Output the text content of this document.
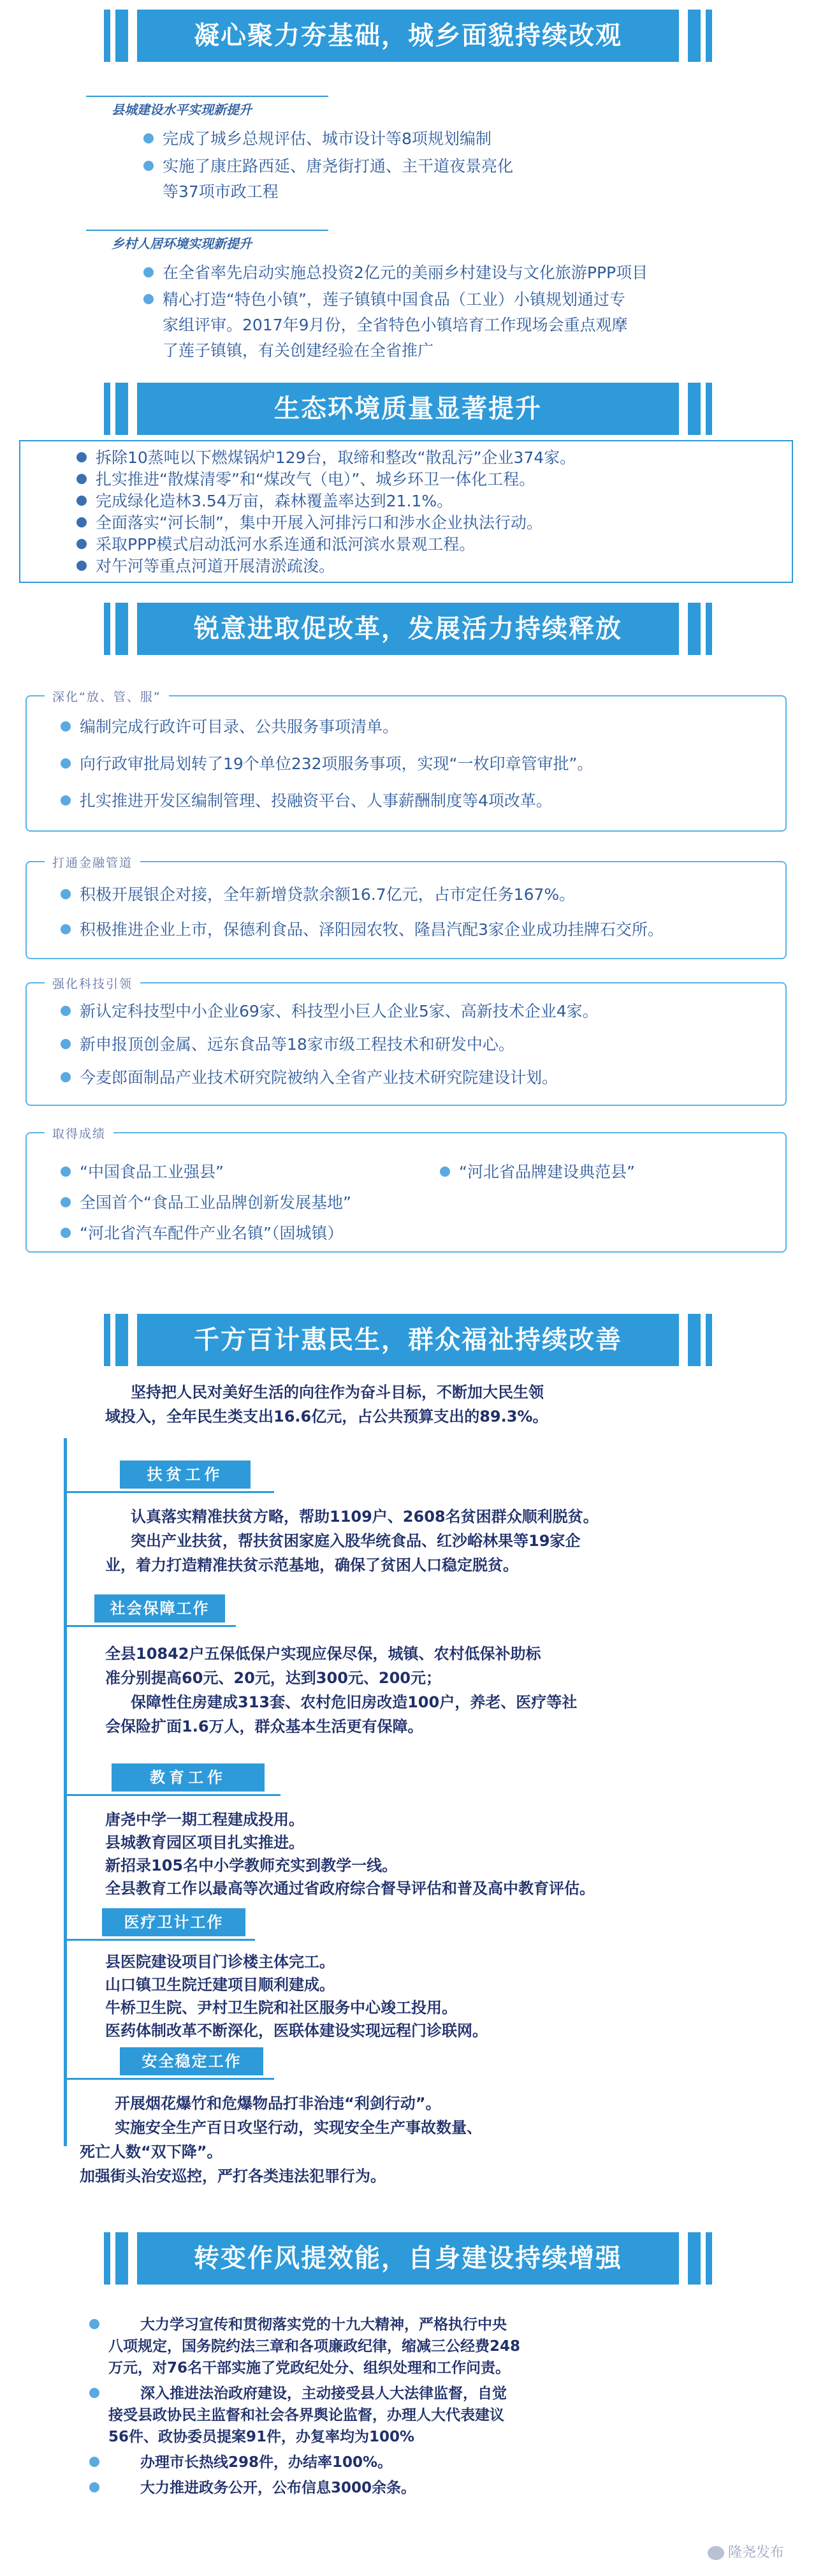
凝心聚力夯基础，城乡面貌持续改观
县城建设水平实现新提升
完成了城乡总规评估、城市设计等8项规划编制
实施了康庄路西延、唐尧街打通、主干道夜景亮化
等37项市政工程
乡村人居环境实现新提升
在全省率先启动实施总投资2亿元的美丽乡村建设与文化旅游PPP项目
精心打造“特色小镇”，莲子镇镇中国食品（工业）小镇规划通过专
家组评审。2017年9月份，全省特色小镇培育工作现场会重点观摩
了莲子镇镇，有关创建经验在全省推广
生态环境质量显著提升
拆除10蒸吨以下燃煤锅炉129台，取缔和整改“散乱污”企业374家。
扎实推进“散煤清零”和“煤改气（电）”、城乡环卫一体化工程。
完成绿化造林3.54万亩，森林覆盖率达到21.1%。
全面落实“河长制”，集中开展入河排污口和涉水企业执法行动。
采取PPP模式启动泜河水系连通和泜河滨水景观工程。
对午河等重点河道开展清淤疏浚。
锐意进取促改革，发展活力持续释放
深化“放、管、服”
编制完成行政许可目录、公共服务事项清单。
向行政审批局划转了19个单位232项服务事项，实现“一枚印章管审批”。
扎实推进开发区编制管理、投融资平台、人事薪酬制度等4项改革。
打通金融管道
积极开展银企对接，全年新增贷款余额16.7亿元，占市定任务167%。
积极推进企业上市，保德利食品、泽阳园农牧、隆昌汽配3家企业成功挂牌石交所。
强化科技引领
新认定科技型中小企业69家、科技型小巨人企业5家、高新技术企业4家。
新申报顶创金属、远东食品等18家市级工程技术和研发中心。
今麦郎面制品产业技术研究院被纳入全省产业技术研究院建设计划。
取得成绩
“中国食品工业强县”	“河北省品牌建设典范县”
全国首个“食品工业品牌创新发展基地”
“河北省汽车配件产业名镇”（固城镇）
千方百计惠民生，群众福祉持续改善
坚持把人民对美好生活的向往作为奋斗目标，不断加大民生领
域投入，全年民生类支出16.6亿元，占公共预算支出的89.3%。
扶贫工作
认真落实精准扶贫方略，帮助1109户、2608名贫困群众顺利脱贫。
突出产业扶贫，帮扶贫困家庭入股华统食品、红沙峪林果等19家企
业，着力打造精准扶贫示范基地，确保了贫困人口稳定脱贫。
社会保障工作
全县10842户五保低保户实现应保尽保，城镇、农村低保补助标
准分别提高60元、20元，达到300元、200元；
保障性住房建成313套、农村危旧房改造100户，养老、医疗等社
会保险扩面1.6万人，群众基本生活更有保障。
教育工作
唐尧中学一期工程建成投用。
县城教育园区项目扎实推进。
新招录105名中小学教师充实到教学一线。
全县教育工作以最高等次通过省政府综合督导评估和普及高中教育评估。
医疗卫计工作
县医院建设项目门诊楼主体完工。
山口镇卫生院迁建项目顺利建成。
牛桥卫生院、尹村卫生院和社区服务中心竣工投用。
医药体制改革不断深化，医联体建设实现远程门诊联网。
安全稳定工作
开展烟花爆竹和危爆物品打非治违“利剑行动”。
实施安全生产百日攻坚行动，实现安全生产事故数量、
死亡人数“双下降”。
加强街头治安巡控，严打各类违法犯罪行为。
转变作风提效能，自身建设持续增强
大力学习宣传和贯彻落实党的十九大精神，严格执行中央
八项规定，国务院约法三章和各项廉政纪律，缩减三公经费248
万元，对76名干部实施了党政纪处分、组织处理和工作问责。
深入推进法治政府建设，主动接受县人大法律监督，自觉
接受县政协民主监督和社会各界舆论监督，办理人大代表建议
56件、政协委员提案91件，办复率均为100%
办理市长热线298件，办结率100%。
大力推进政务公开，公布信息3000余条。
隆尧发布
